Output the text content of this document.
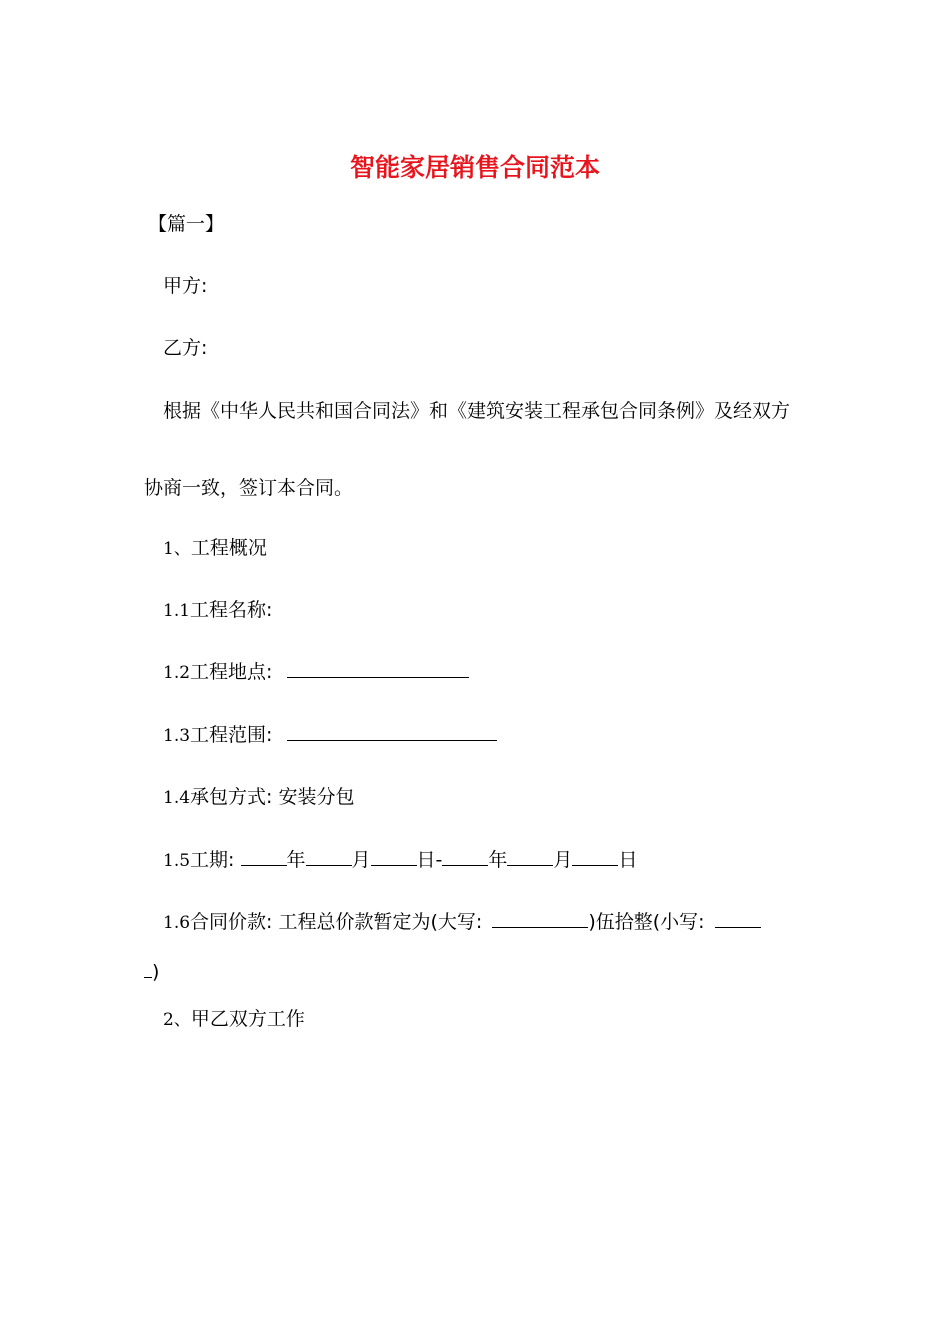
智能家居销售合同范本
【篇一】
甲方:
乙方:
根据《中华人民共和国合同法》和《建筑安装工程承包合同条例》及经双方
协商一致，签订本合同。
1、工程概况
1.1工程名称:
1.2工程地点:
1.3工程范围:
1.4承包方式: 安装分包
1.5工期:	年 月 日- 年 月 日
1.6合同价款: 工程总价款暂定为(大写:	)伍拾整(小写:
)
2、甲乙双方工作
